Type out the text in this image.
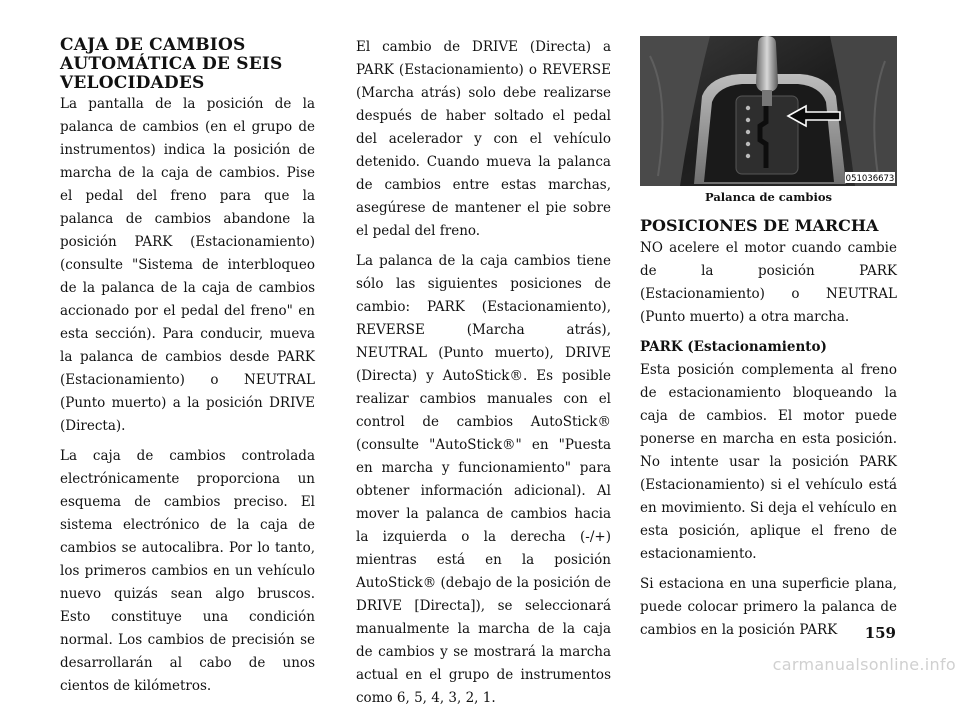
CAJA DE CAMBIOS AUTOMÁTICA DE SEIS VELOCIDADES

La pantalla de la posición de la palanca de cambios (en el grupo de instrumentos) indica la posición de marcha de la caja de cambios. Pise el pedal del freno para que la palanca de cambios abandone la posición PARK (Estacionamiento) (consulte "Sistema de interbloqueo de la palanca de la caja de cambios accionado por el pedal del freno" en esta sección). Para conducir, mueva la palanca de cambios desde PARK (Estacionamiento) o NEUTRAL (Punto muerto) a la posición DRIVE (Directa).

La caja de cambios controlada electrónicamente proporciona un esquema de cambios preciso. El sistema electrónico de la caja de cambios se autocalibra. Por lo tanto, los primeros cambios en un vehículo nuevo quizás sean algo bruscos. Esto constituye una condición normal. Los cambios de precisión se desarrollarán al cabo de unos cientos de kilómetros.

El cambio de DRIVE (Directa) a PARK (Estacionamiento) o REVERSE (Marcha atrás) solo debe realizarse después de haber soltado el pedal del acelerador y con el vehículo detenido. Cuando mueva la palanca de cambios entre estas marchas, asegúrese de mantener el pie sobre el pedal del freno.

La palanca de la caja cambios tiene sólo las siguientes posiciones de cambio: PARK (Estacionamiento), REVERSE (Marcha atrás), NEUTRAL (Punto muerto), DRIVE (Directa) y AutoStick®. Es posible realizar cambios manuales con el control de cambios AutoStick® (consulte "AutoStick®" en "Puesta en marcha y funcionamiento" para obtener información adicional). Al mover la palanca de cambios hacia la izquierda o la derecha (-/+) mientras está en la posición AutoStick® (debajo de la posición de DRIVE [Directa]), se seleccionará manualmente la marcha de la caja de cambios y se mostrará la marcha actual en el grupo de instrumentos como 6, 5, 4, 3, 2, 1.

051036673
Palanca de cambios
POSICIONES DE MARCHA

NO acelere el motor cuando cambie de la posición PARK (Estacionamiento) o NEUTRAL (Punto muerto) a otra marcha.

PARK (Estacionamiento)

Esta posición complementa al freno de estacionamiento bloqueando la caja de cambios. El motor puede ponerse en marcha en esta posición. No intente usar la posición PARK (Estacionamiento) si el vehículo está en movimiento. Si deja el vehículo en esta posición, aplique el freno de estacionamiento.

Si estaciona en una superficie plana, puede colocar primero la palanca de cambios en la posición PARK	159
carmanualsonline.info
